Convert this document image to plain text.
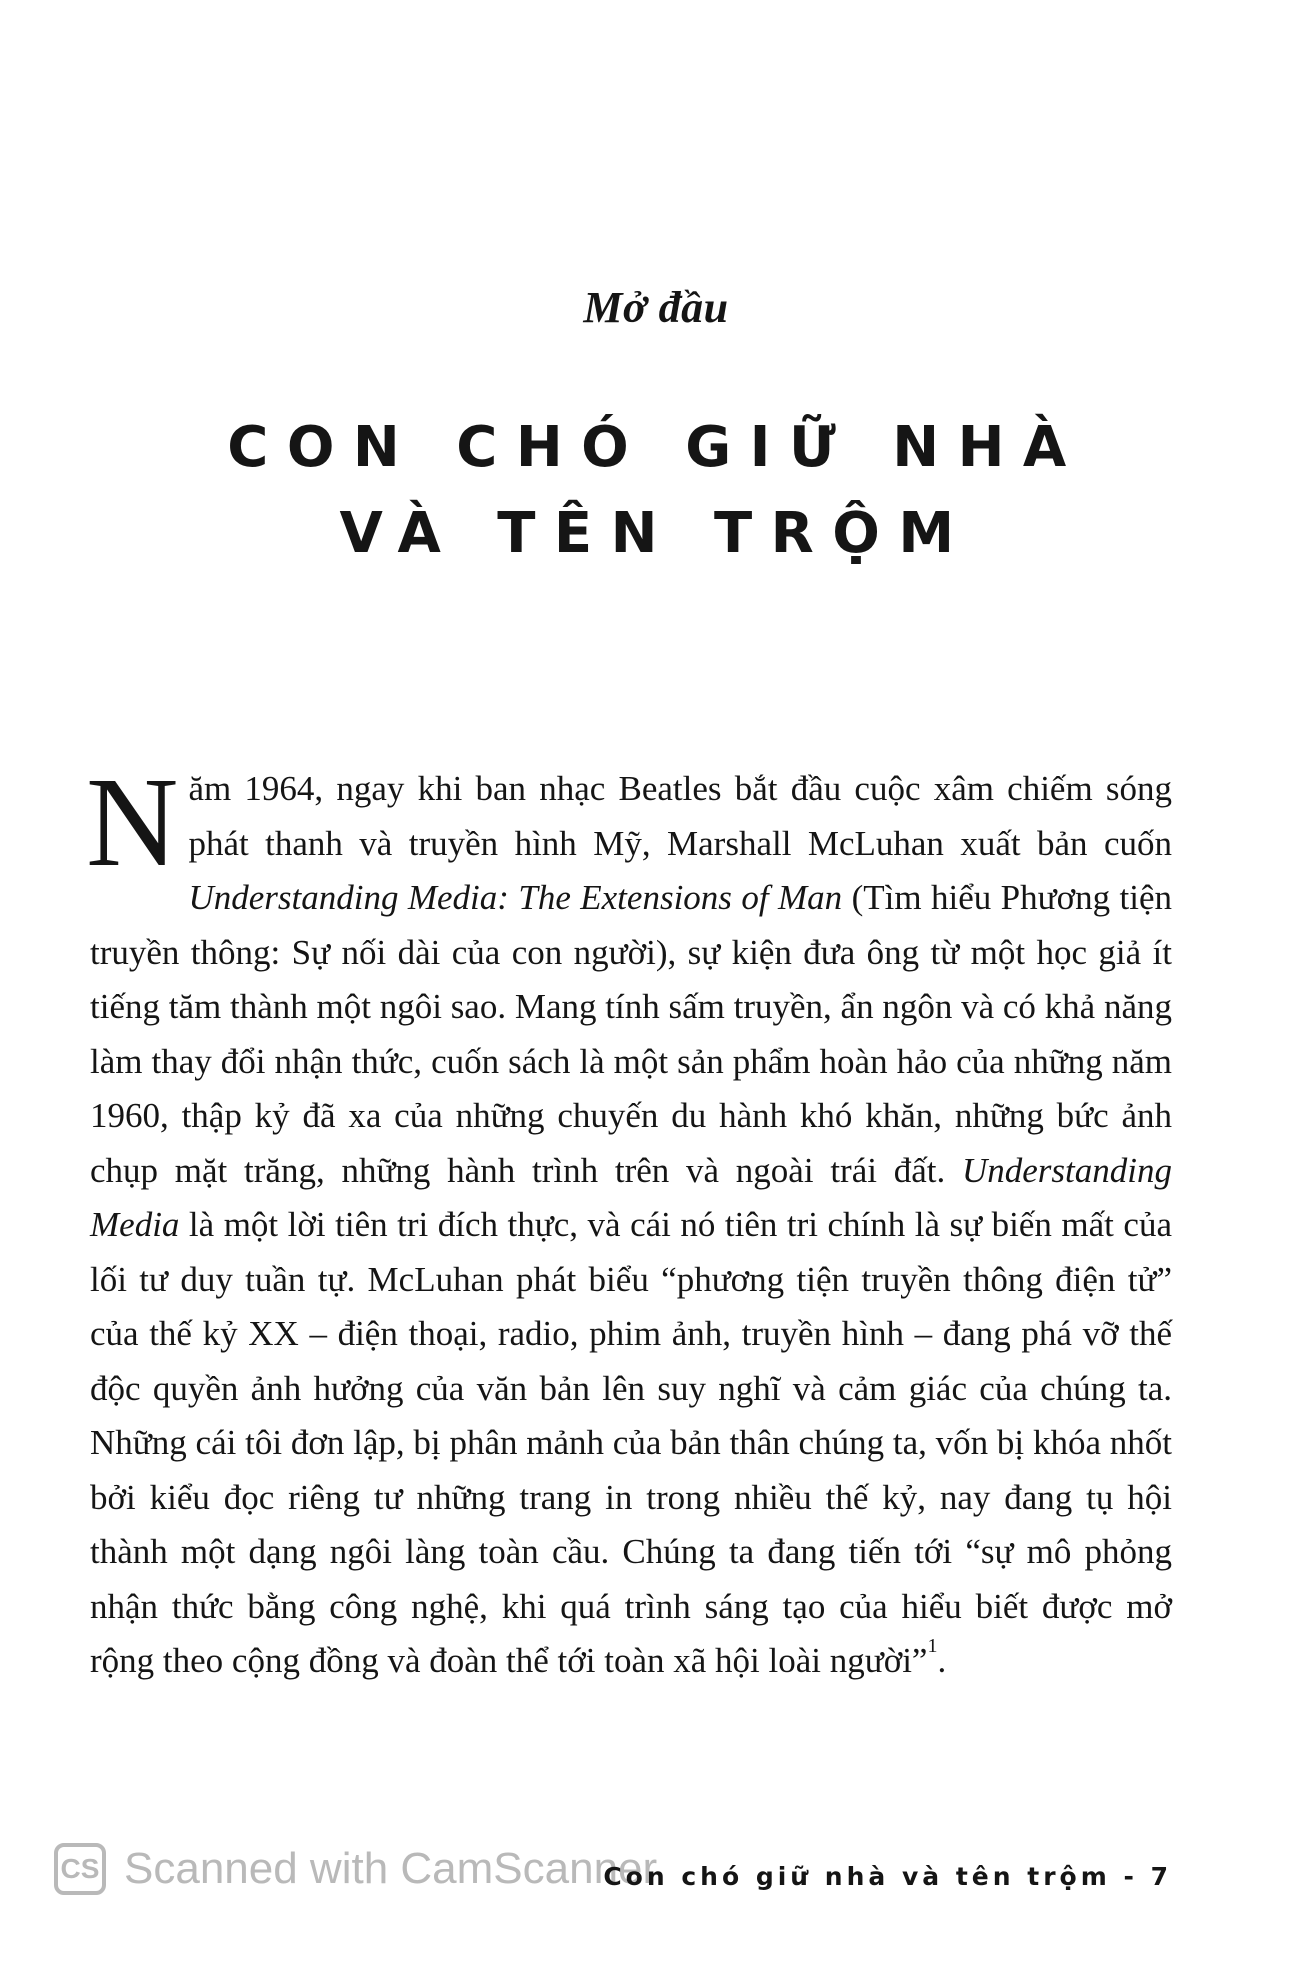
Mở đầu
CON CHÓ GIỮ NHÀ
VÀ TÊN TRỘM

Năm 1964, ngay khi ban nhạc Beatles bắt đầu cuộc xâm chiếm sóng phát thanh và truyền hình Mỹ, Marshall McLuhan xuất bản cuốn Understanding Media: The Extensions of Man (Tìm hiểu Phương tiện truyền thông: Sự nối dài của con người), sự kiện đưa ông từ một học giả ít tiếng tăm thành một ngôi sao. Mang tính sấm truyền, ẩn ngôn và có khả năng làm thay đổi nhận thức, cuốn sách là một sản phẩm hoàn hảo của những năm 1960, thập kỷ đã xa của những chuyến du hành khó khăn, những bức ảnh chụp mặt trăng, những hành trình trên và ngoài trái đất. Understanding Media là một lời tiên tri đích thực, và cái nó tiên tri chính là sự biến mất của lối tư duy tuần tự. McLuhan phát biểu “phương tiện truyền thông điện tử” của thế kỷ XX – điện thoại, radio, phim ảnh, truyền hình – đang phá vỡ thế độc quyền ảnh hưởng của văn bản lên suy nghĩ và cảm giác của chúng ta. Những cái tôi đơn lập, bị phân mảnh của bản thân chúng ta, vốn bị khóa nhốt bởi kiểu đọc riêng tư những trang in trong nhiều thế kỷ, nay đang tụ hội thành một dạng ngôi làng toàn cầu. Chúng ta đang tiến tới “sự mô phỏng nhận thức bằng công nghệ, khi quá trình sáng tạo của hiểu biết được mở rộng theo cộng đồng và đoàn thể tới toàn xã hội loài người”$^1$.

CS Scanned with CamScanner
Con chó giữ nhà và tên trộm - 7
